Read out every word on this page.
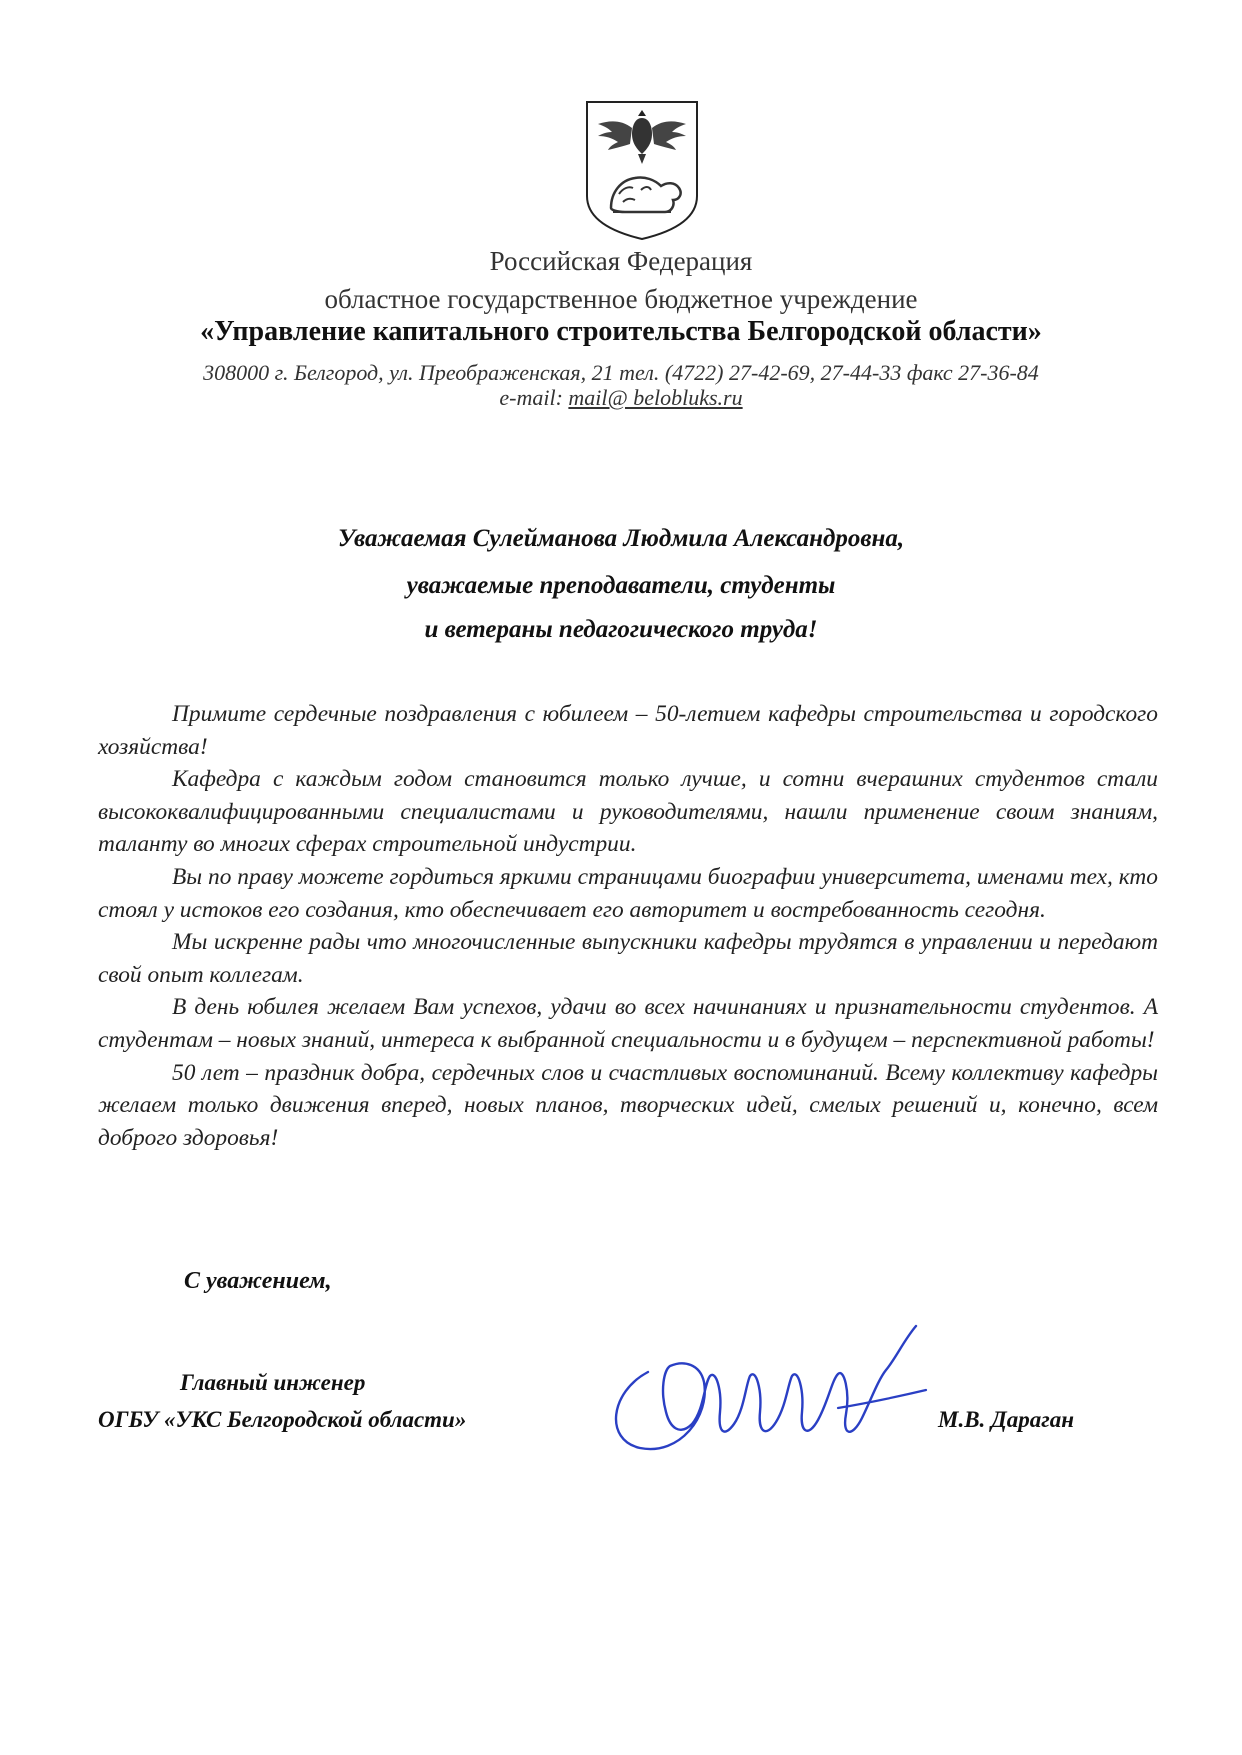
Российская Федерация
областное государственное бюджетное учреждение
«Управление капитального строительства Белгородской области»
308000 г. Белгород, ул. Преображенская, 21 тел. (4722) 27-42-69, 27-44-33 факс 27-36-84
e-mail: mail@ belobluks.ru
Уважаемая Сулейманова Людмила Александровна,
уважаемые преподаватели, студенты
и ветераны педагогического труда!

Примите сердечные поздравления с юбилеем – 50-летием кафедры строительства и городского хозяйства!

Кафедра с каждым годом становится только лучше, и сотни вчерашних студентов стали высококвалифицированными специалистами и руководителями, нашли применение своим знаниям, таланту во многих сферах строительной индустрии.

Вы по праву можете гордиться яркими страницами биографии университета, именами тех, кто стоял у истоков его создания, кто обеспечивает его авторитет и востребованность сегодня.

Мы искренне рады что многочисленные выпускники кафедры трудятся в управлении и передают свой опыт коллегам.

В день юбилея желаем Вам успехов, удачи во всех начинаниях и признательности студентов. А студентам – новых знаний, интереса к выбранной специальности и в будущем – перспективной работы!

50 лет – праздник добра, сердечных слов и счастливых воспоминаний. Всему коллективу кафедры желаем только движения вперед, новых планов, творческих идей, смелых решений и, конечно, всем доброго здоровья!

С уважением,
Главный инженер
ОГБУ «УКС Белгородской области»	М.В. Дараган
